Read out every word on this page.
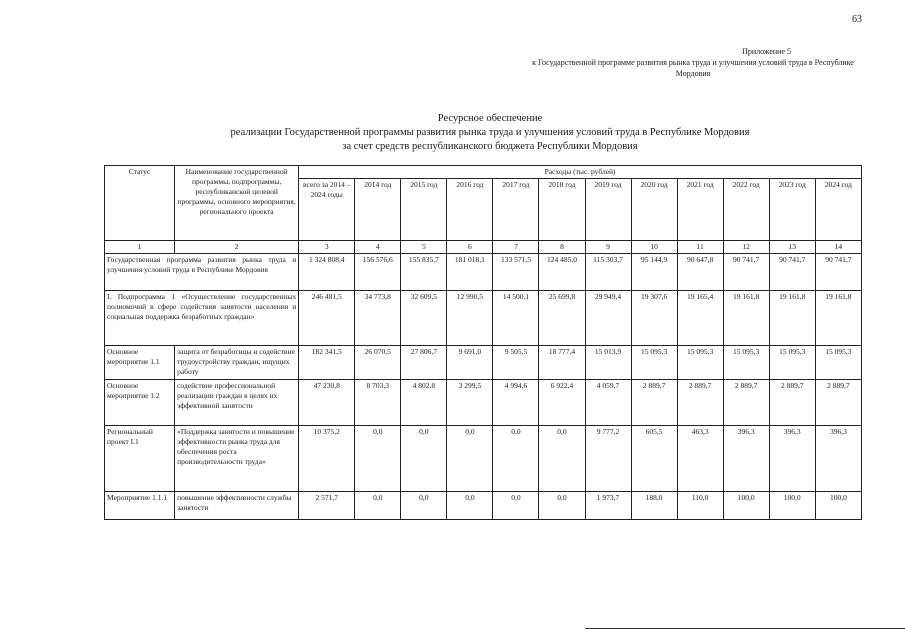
63
Приложение 5
к Государственной программе развития рынка труда и улучшения условий труда в Республике Мордовия
Ресурсное обеспечение
реализации Государственной программы развития рынка труда и улучшения условий труда в Республике Мордовия
за счет средств республиканского бюджета Республики Мордовия
Статус	Наименование государственной программы, подпрограммы, республиканской целевой программы, основного мероприятия, регионального проекта	Расходы (тыс. рублей)											
		всего за 2014 – 2024 годы	2014 год	2015 год	2016 год	2017 год	2018 год	2019 год	2020 год	2021 год	2022 год	2023 год	2024 год
1	2	3	4	5	6	7	8	9	10	11	12	13	14
Государственная программа развития рынка труда и улучшения условий труда в Республике Мордовия		1 324 808,4	156 576,6	155 835,7	181 018,1	133 571,5	124 485,0	115 303,7	95 144,9	90 647,8	90 741,7	90 741,7	90 741,7
I. Подпрограмма 1 «Осуществление государственных полномочий в сфере содействия занятости населения и социальная поддержка безработных граждан»		246 481,5	34 773,8	32 609,5	12 990,5	14 500,1	25 699,8	29 949,4	19 307,6	19 165,4	19 161,8	19 161,8	19 161,8
Основное мероприятие 1.1	защита от безработицы и содействие трудоустройству граждан, ищущих работу	182 341,5	26 070,5	27 806,7	9 691,0	9 505,5	18 777,4	15 013,9	15 095,3	15 095,3	15 095,3	15 095,3	15 095,3
Основное мероприятие 1.2	содействие профессиональной реализации граждан в целях их эффективной занятости	47 230,8	8 703,3	4 802,8	3 299,5	4 994,6	6 922,4	4 059,7	2 889,7	2 889,7	2 889,7	2 889,7	2 889,7
Региональный проект I.1	«Поддержка занятости и повышение эффективности рынка труда для обеспечения роста производительности труда»	10 375,2	0,0	0,0	0,0	0,0	0,0	9 777,2	605,5	463,3	396,3	396,3	396,3
Мероприятие 1.1.1	повышение эффективности службы занятости	2 571,7	0,0	0,0	0,0	0,0	0,0	1 973,7	188,0	110,0	100,0	100,0	100,0
